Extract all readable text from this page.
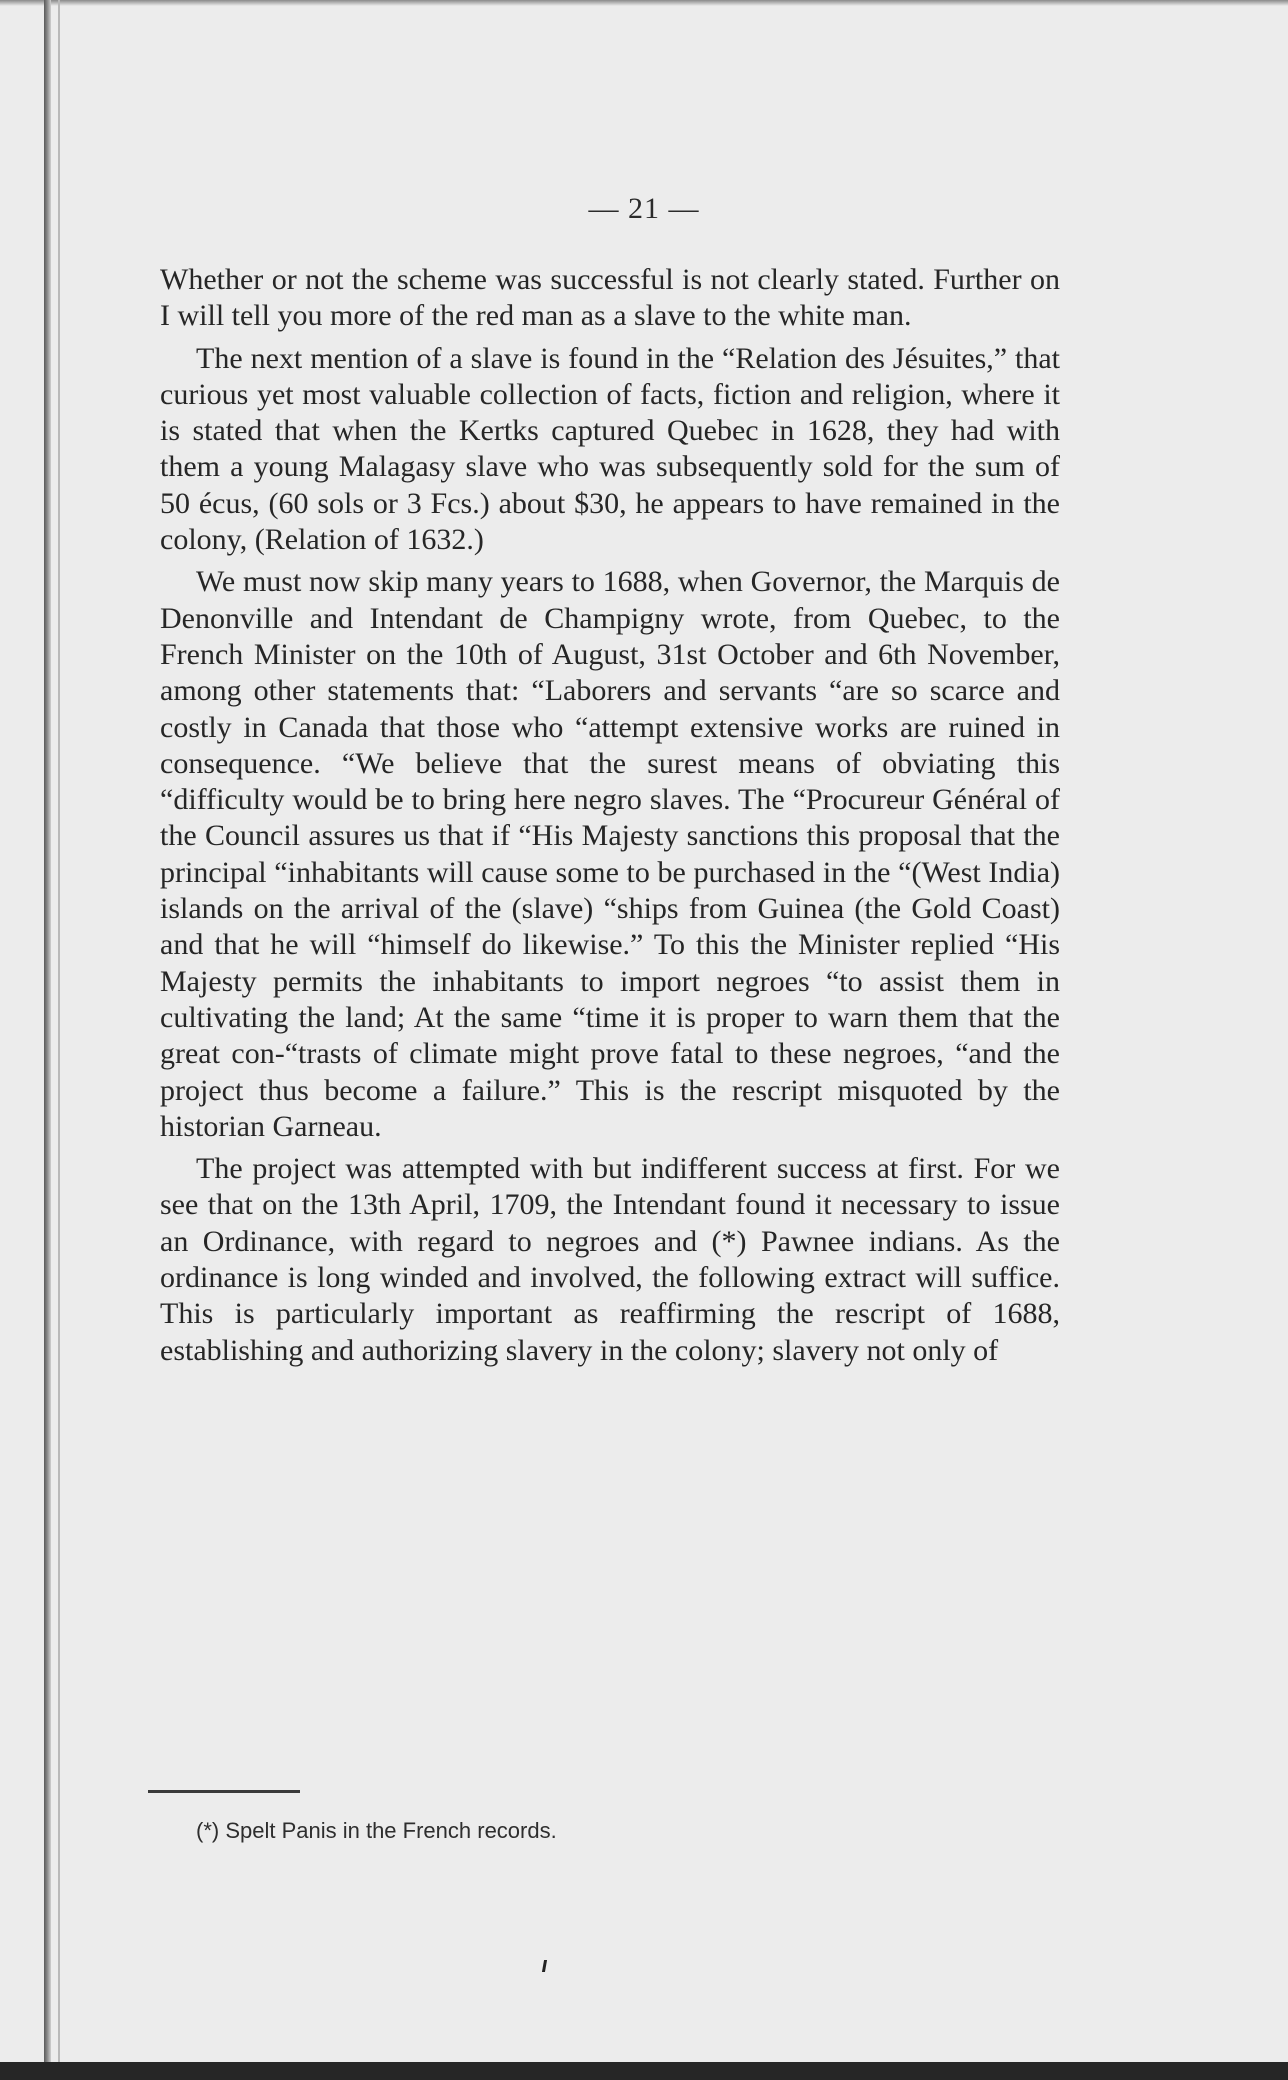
— 21 —

Whether or not the scheme was successful is not clearly stated. Further on I will tell you more of the red man as a slave to the white man.

The next mention of a slave is found in the “Relation des Jésuites,” that curious yet most valuable collection of facts, fiction and religion, where it is stated that when the Kertks captured Quebec in 1628, they had with them a young Malagasy slave who was subsequently sold for the sum of 50 écus, (60 sols or 3 Fcs.) about $30, he appears to have remained in the colony, (Relation of 1632.)

We must now skip many years to 1688, when Governor, the Marquis de Denonville and Intendant de Champigny wrote, from Quebec, to the French Minister on the 10th of August, 31st October and 6th November, among other statements that: “Laborers and servants “are so scarce and costly in Canada that those who “attempt extensive works are ruined in consequence. “We believe that the surest means of obviating this “difficulty would be to bring here negro slaves. The “Procureur Général of the Council assures us that if “His Majesty sanctions this proposal that the principal “inhabitants will cause some to be purchased in the “(West India) islands on the arrival of the (slave) “ships from Guinea (the Gold Coast) and that he will “himself do likewise.” To this the Minister replied “His Majesty permits the inhabitants to import negroes “to assist them in cultivating the land; At the same “time it is proper to warn them that the great con-“trasts of climate might prove fatal to these negroes, “and the project thus become a failure.” This is the rescript misquoted by the historian Garneau.

The project was attempted with but indifferent success at first. For we see that on the 13th April, 1709, the Intendant found it necessary to issue an Ordinance, with regard to negroes and (*) Pawnee indians. As the ordinance is long winded and involved, the following extract will suffice. This is particularly important as reaffirming the rescript of 1688, establishing and authorizing slavery in the colony; slavery not only of

(*) Spelt Panis in the French records.
